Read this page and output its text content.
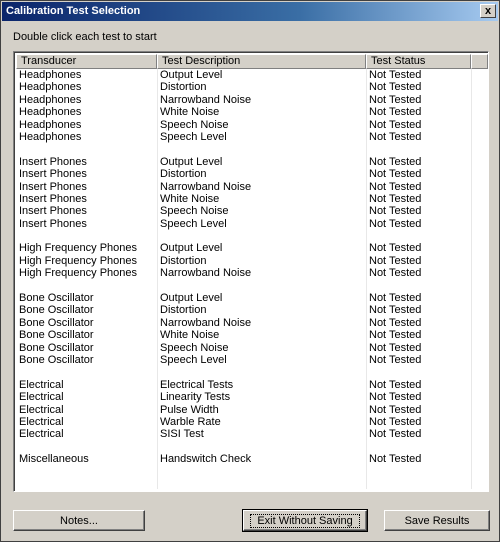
Calibration Test Selection	x
Double click each test to start
Transducer	Test Description	Test Status
Headphones	Output Level	Not Tested
Headphones	Distortion	Not Tested
Headphones	Narrowband Noise	Not Tested
Headphones	White Noise	Not Tested
Headphones	Speech Noise	Not Tested
Headphones	Speech Level	Not Tested
Insert Phones	Output Level	Not Tested
Insert Phones	Distortion	Not Tested
Insert Phones	Narrowband Noise	Not Tested
Insert Phones	White Noise	Not Tested
Insert Phones	Speech Noise	Not Tested
Insert Phones	Speech Level	Not Tested
High Frequency Phones	Output Level	Not Tested
High Frequency Phones	Distortion	Not Tested
High Frequency Phones	Narrowband Noise	Not Tested
Bone Oscillator	Output Level	Not Tested
Bone Oscillator	Distortion	Not Tested
Bone Oscillator	Narrowband Noise	Not Tested
Bone Oscillator	White Noise	Not Tested
Bone Oscillator	Speech Noise	Not Tested
Bone Oscillator	Speech Level	Not Tested
Electrical	Electrical Tests	Not Tested
Electrical	Linearity Tests	Not Tested
Electrical	Pulse Width	Not Tested
Electrical	Warble Rate	Not Tested
Electrical	SISI Test	Not Tested
Miscellaneous	Handswitch Check	Not Tested
Notes...	Exit Without Saving	Save Results
